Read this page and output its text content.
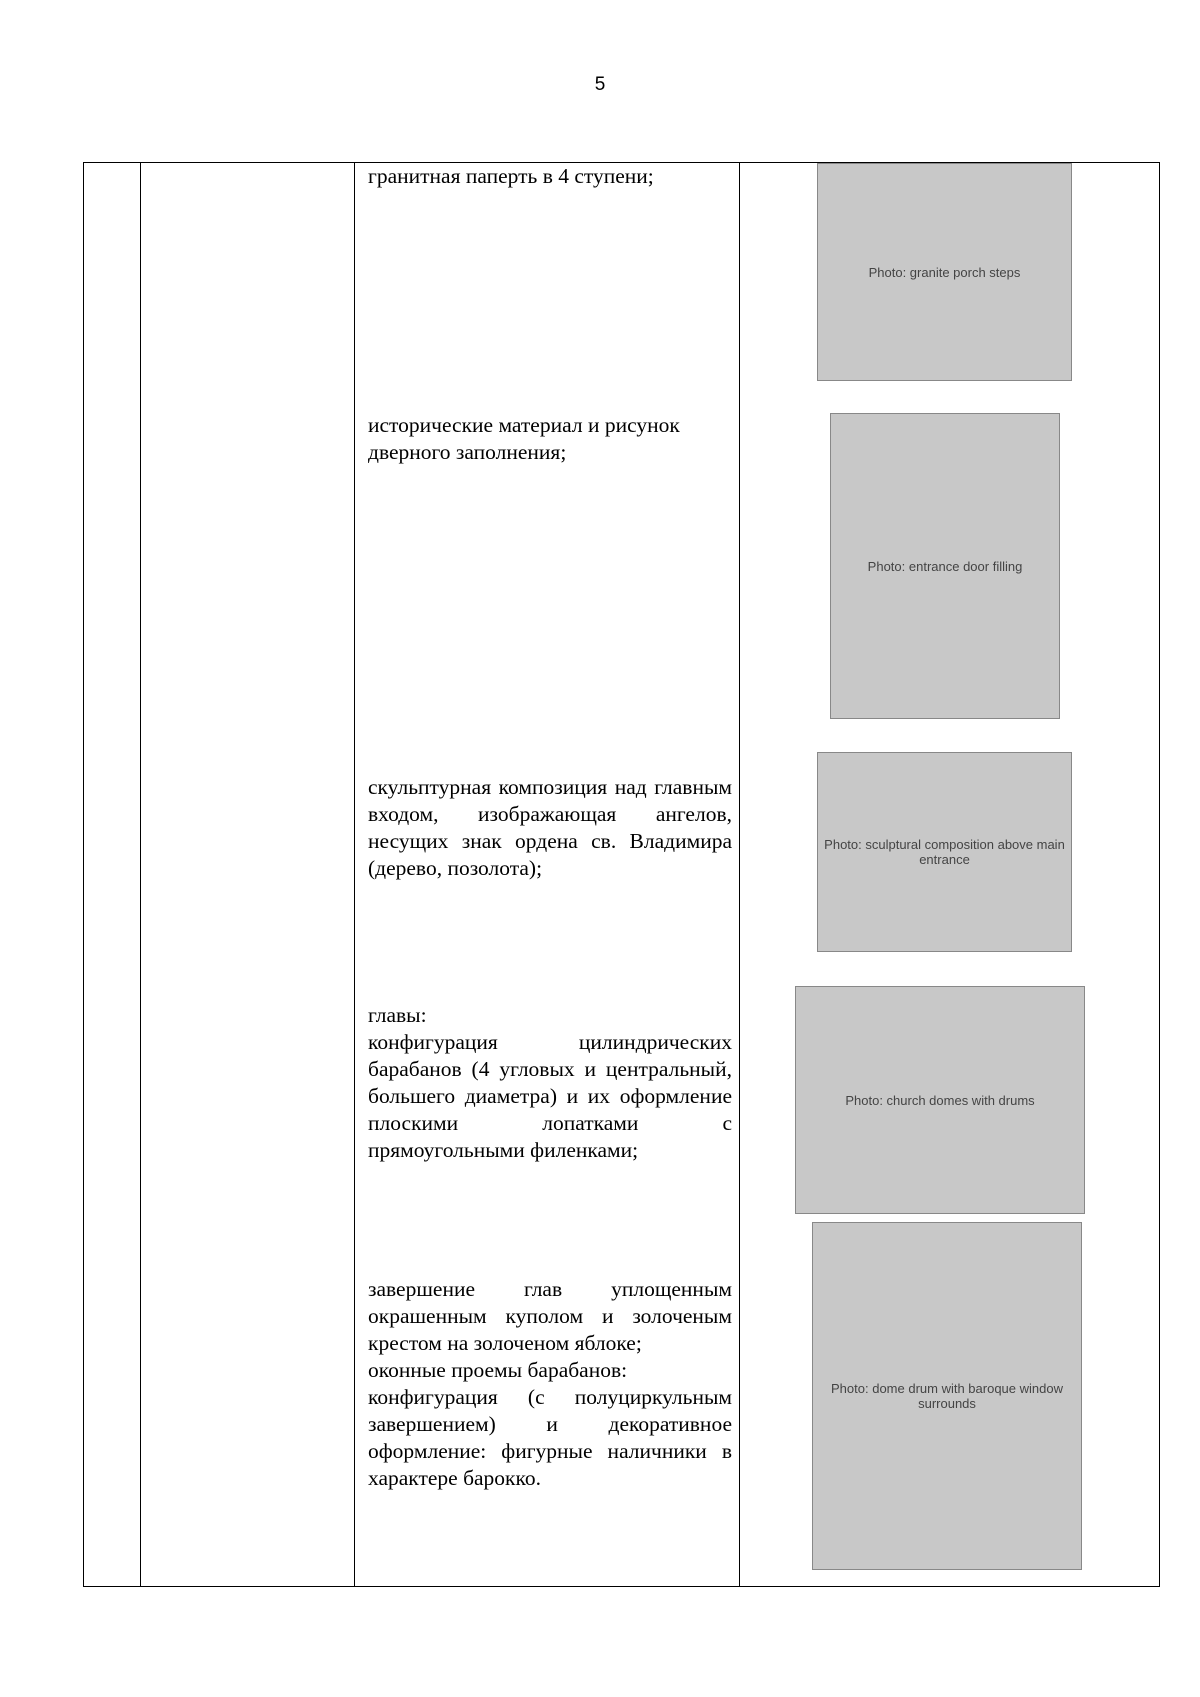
5
гранитная паперть в 4 ступени;
Photo: granite porch steps
исторические материал и рисунок дверного заполнения;
Photo: entrance door filling
скульптурная композиция над главным входом, изображающая ангелов, несущих знак ордена св. Владимира (дерево, позолота);
Photo: sculptural composition above main entrance
главы:
конфигурация цилиндрических барабанов (4 угловых и центральный, большего диаметра) и их оформление плоскими лопатками с прямоугольными филенками;
Photo: church domes with drums
завершение глав уплощенным окрашенным куполом и золоченым крестом на золоченом яблоке;
оконные проемы барабанов:
конфигурация (с полуциркульным завершением) и декоративное оформление: фигурные наличники в характере барокко.
Photo: dome drum with baroque window surrounds
